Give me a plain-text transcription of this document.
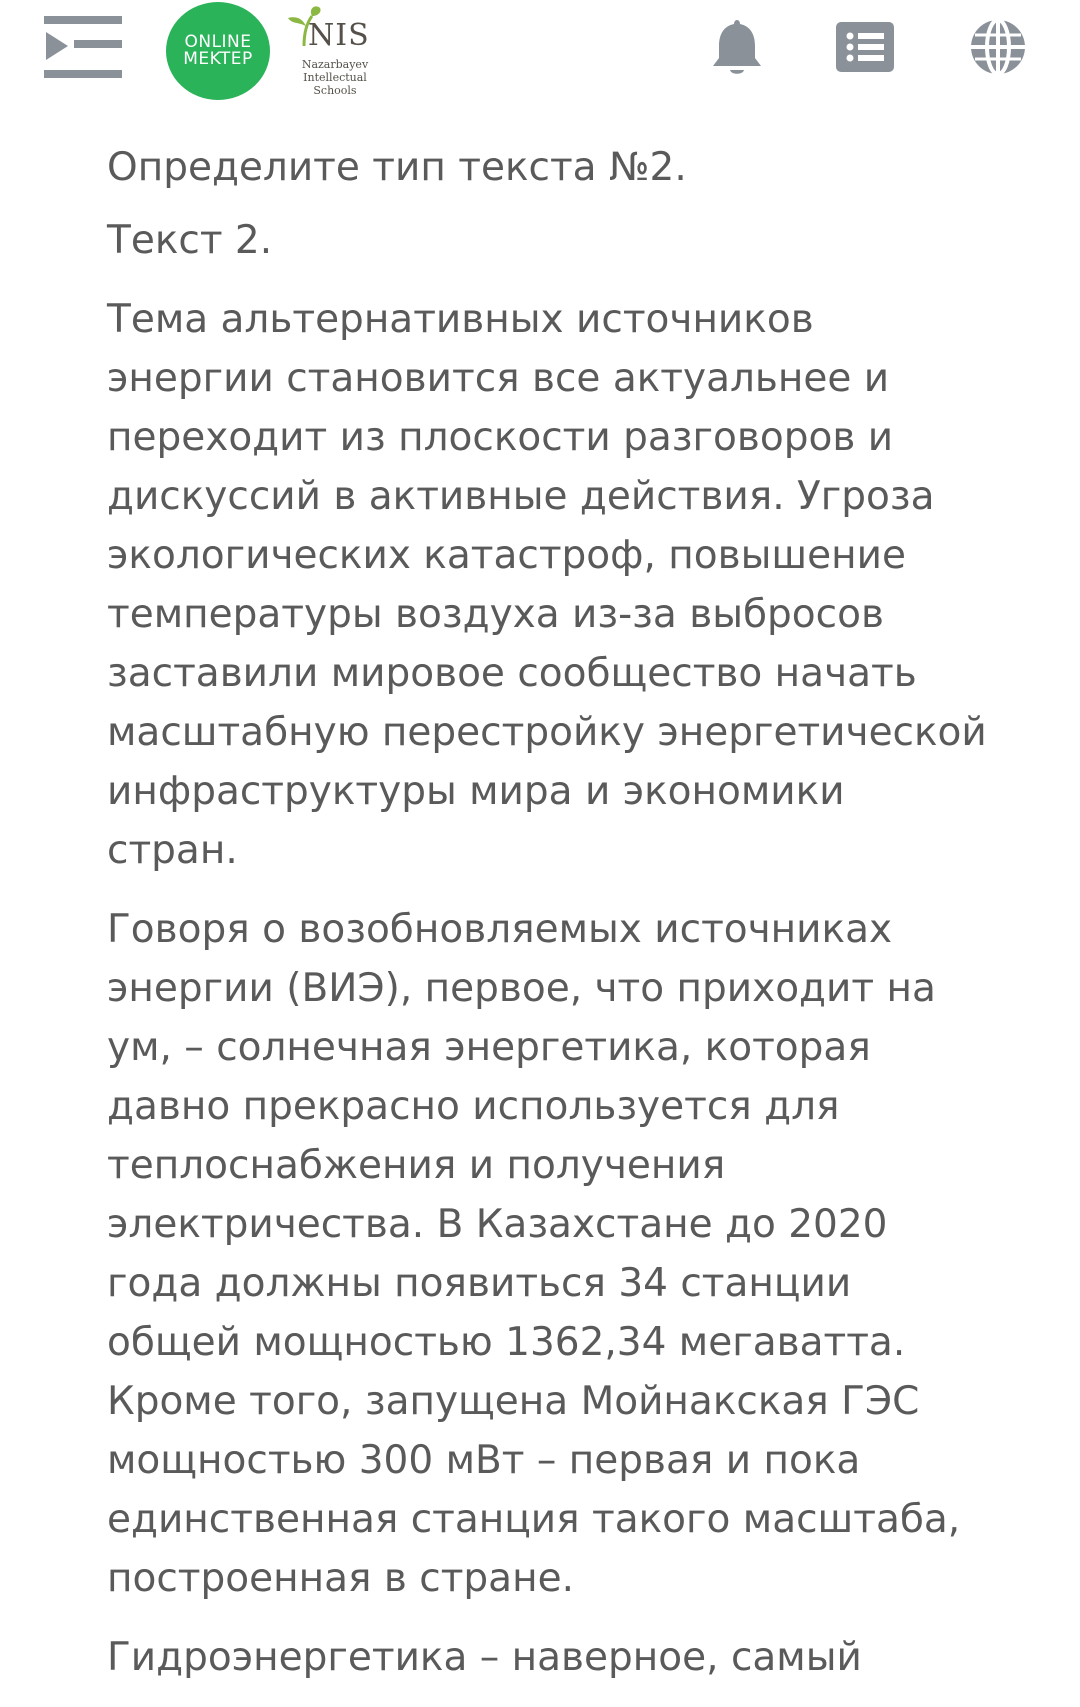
ONLINE
MEKTEP
NIS
Nazarbayev
Intellectual
Schools

Определите тип текста №2.

Текст 2.

Тема альтернативных источников энергии становится все актуальнее и переходит из плоскости разговоров и дискуссий в активные действия. Угроза экологических катастроф, повышение температуры воздуха из-за выбросов заставили мировое сообщество начать масштабную перестройку энергетической инфраструктуры мира и экономики стран.

Говоря о возобновляемых источниках энергии (ВИЭ), первое, что приходит на ум, – солнечная энергетика, которая давно прекрасно используется для теплоснабжения и получения электричества. В Казахстане до 2020 года должны появиться 34 станции общей мощностью 1362,34 мегаватта. Кроме того, запущена Мойнакская ГЭС мощностью 300 мВт – первая и пока единственная станция такого масштаба, построенная в стране.

Гидроэнергетика – наверное, самый
